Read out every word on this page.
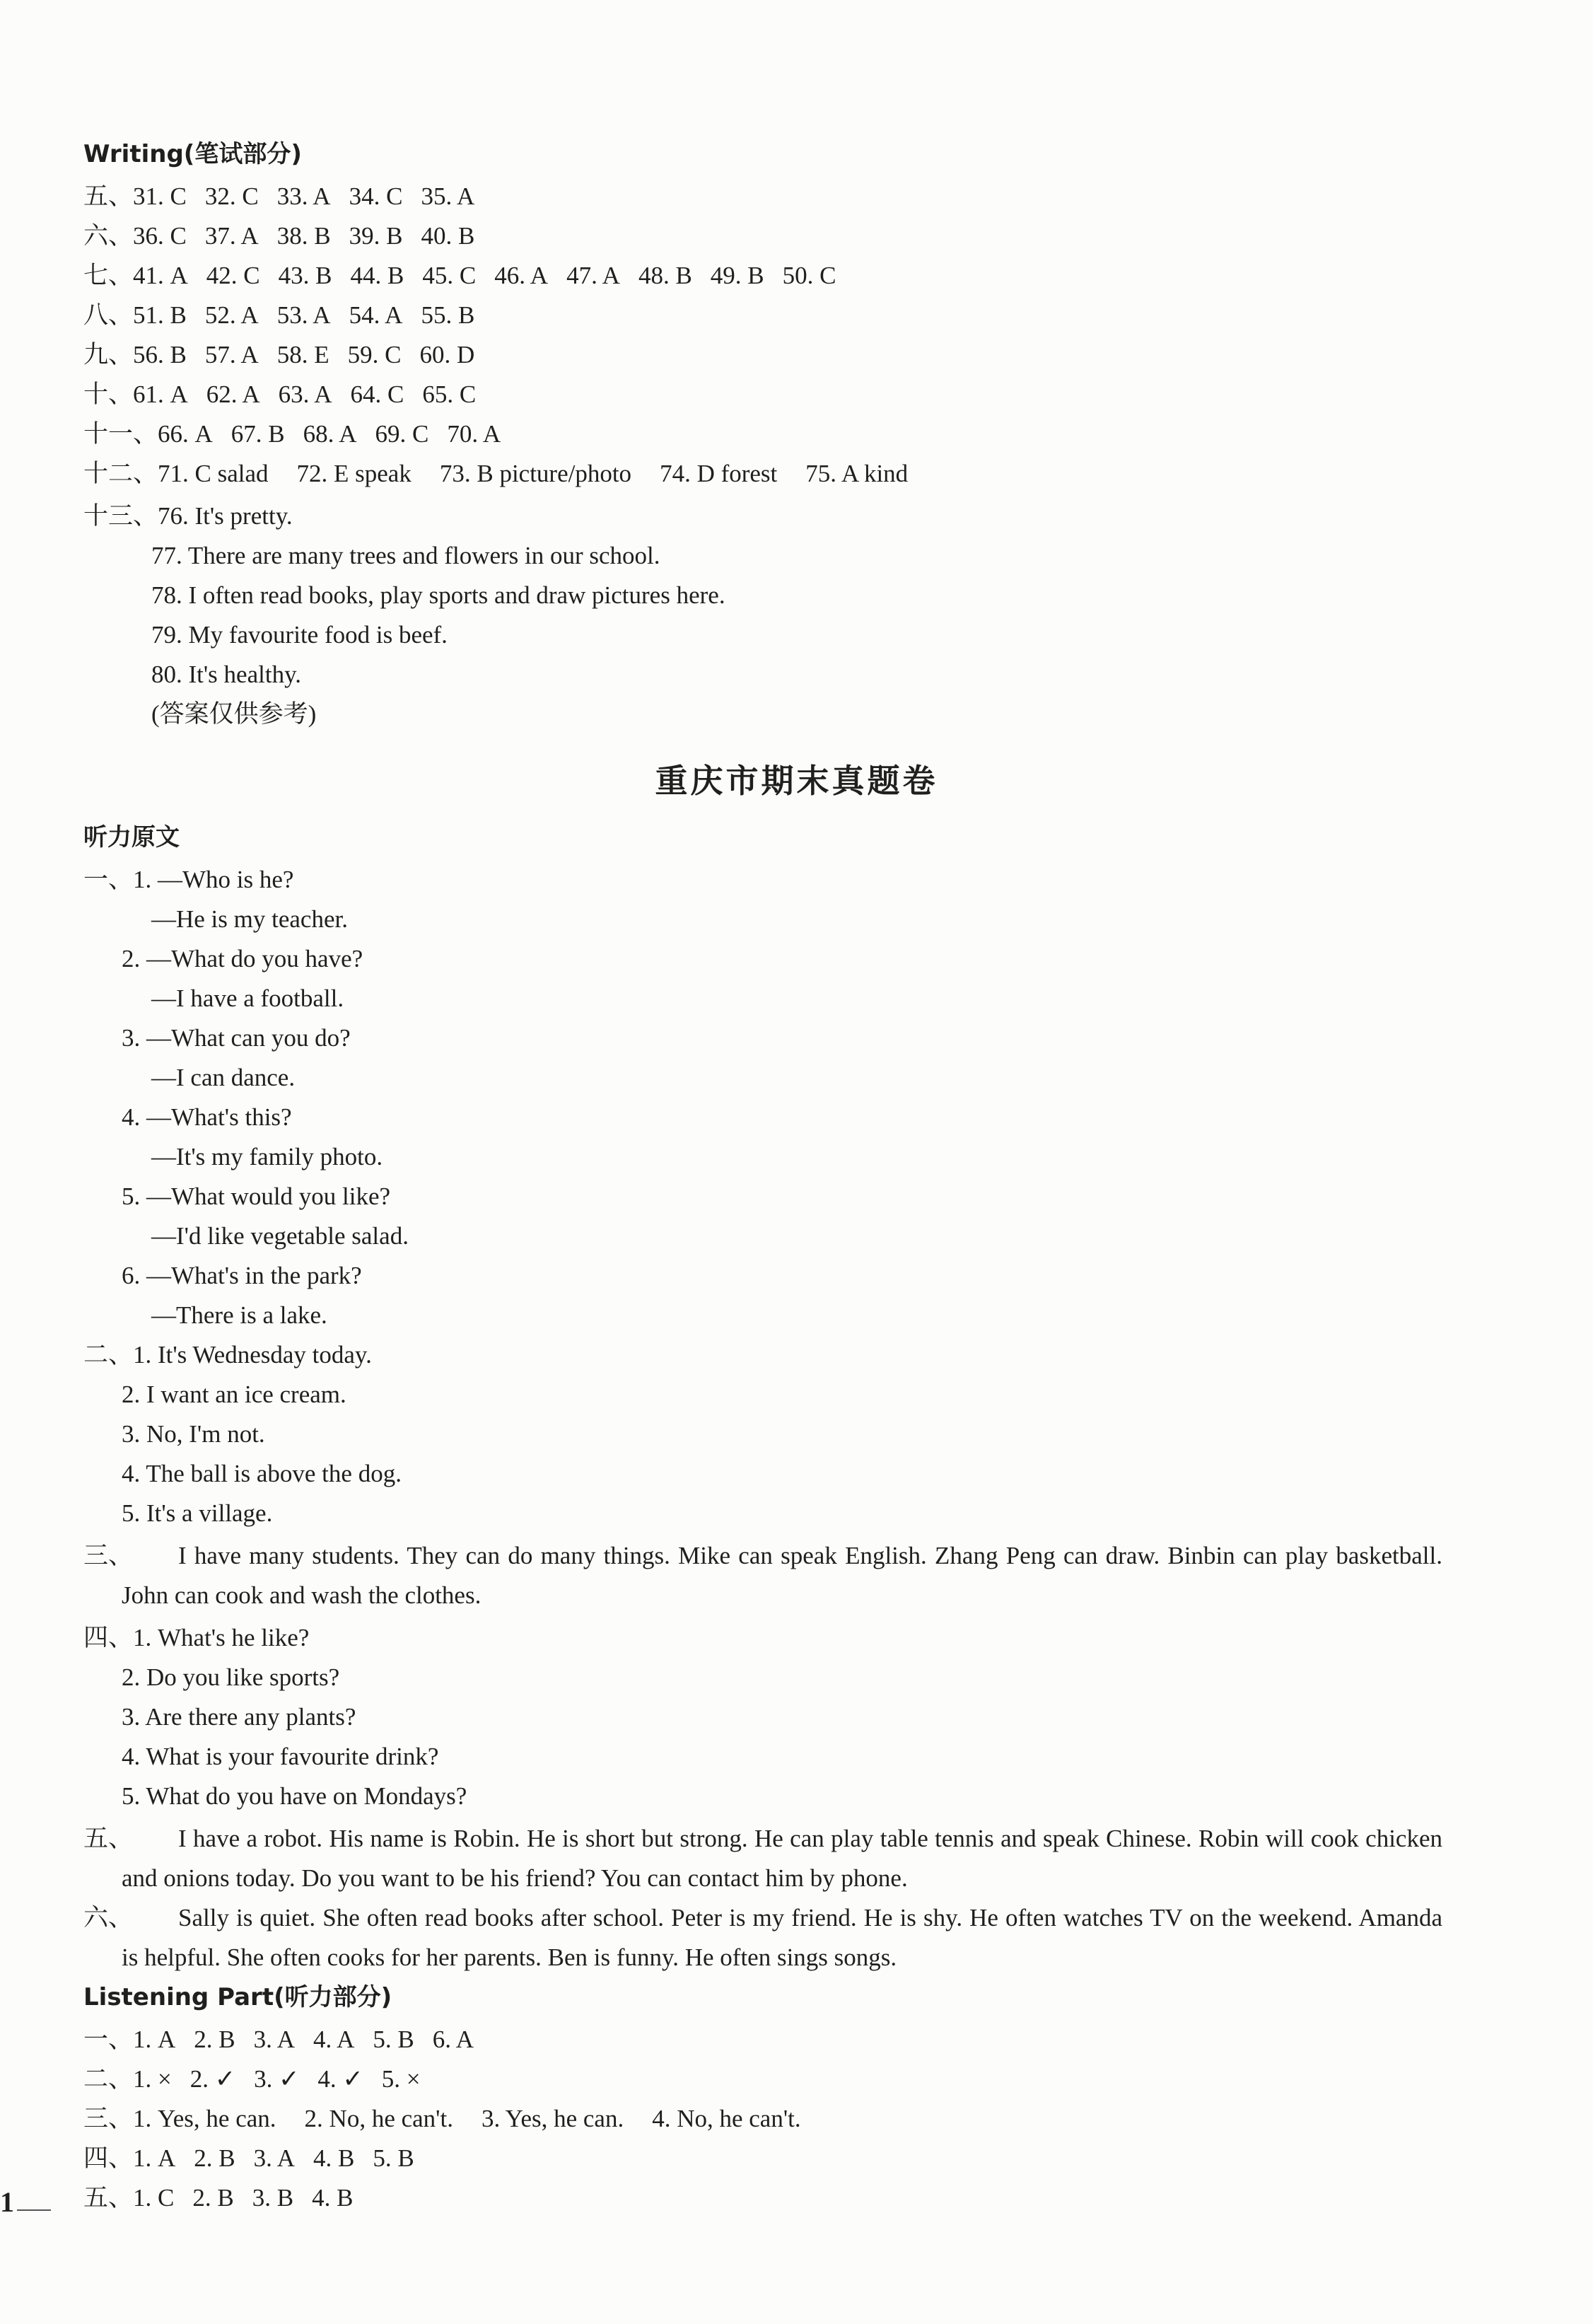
Writing(笔试部分)
五、31. C 32. C 33. A 34. C 35. A
六、36. C 37. A 38. B 39. B 40. B
七、41. A 42. C 43. B 44. B 45. C 46. A 47. A 48. B 49. B 50. C
八、51. B 52. A 53. A 54. A 55. B
九、56. B 57. A 58. E 59. C 60. D
十、61. A 62. A 63. A 64. C 65. C
十一、66. A 67. B 68. A 69. C 70. A
十二、71. C salad 72. E speak 73. B picture/photo 74. D forest 75. A kind
十三、76. It's pretty.
77. There are many trees and flowers in our school.
78. I often read books, play sports and draw pictures here.
79. My favourite food is beef.
80. It's healthy.
(答案仅供参考)
重庆市期末真题卷
听力原文
一、1. —Who is he?
—He is my teacher.
2. —What do you have?
—I have a football.
3. —What can you do?
—I can dance.
4. —What's this?
—It's my family photo.
5. —What would you like?
—I'd like vegetable salad.
6. —What's in the park?
—There is a lake.
二、1. It's Wednesday today.
2. I want an ice cream.
3. No, I'm not.
4. The ball is above the dog.
5. It's a village.
三、	I have many students. They can do many things. Mike can speak English. Zhang Peng can draw. Binbin can play basketball. John can cook and wash the clothes.
四、1. What's he like?
2. Do you like sports?
3. Are there any plants?
4. What is your favourite drink?
5. What do you have on Mondays?
五、	I have a robot. His name is Robin. He is short but strong. He can play table tennis and speak Chinese. Robin will cook chicken and onions today. Do you want to be his friend? You can contact him by phone.
六、	Sally is quiet. She often read books after school. Peter is my friend. He is shy. He often watches TV on the weekend. Amanda is helpful. She often cooks for her parents. Ben is funny. He often sings songs.
Listening Part(听力部分)
一、1. A 2. B 3. A 4. A 5. B 6. A
二、1. × 2. ✓ 3. ✓ 4. ✓ 5. ×
三、1. Yes, he can. 2. No, he can't. 3. Yes, he can. 4. No, he can't.
四、1. A 2. B 3. A 4. B 5. B
五、1. C 2. B 3. B 4. B
1
